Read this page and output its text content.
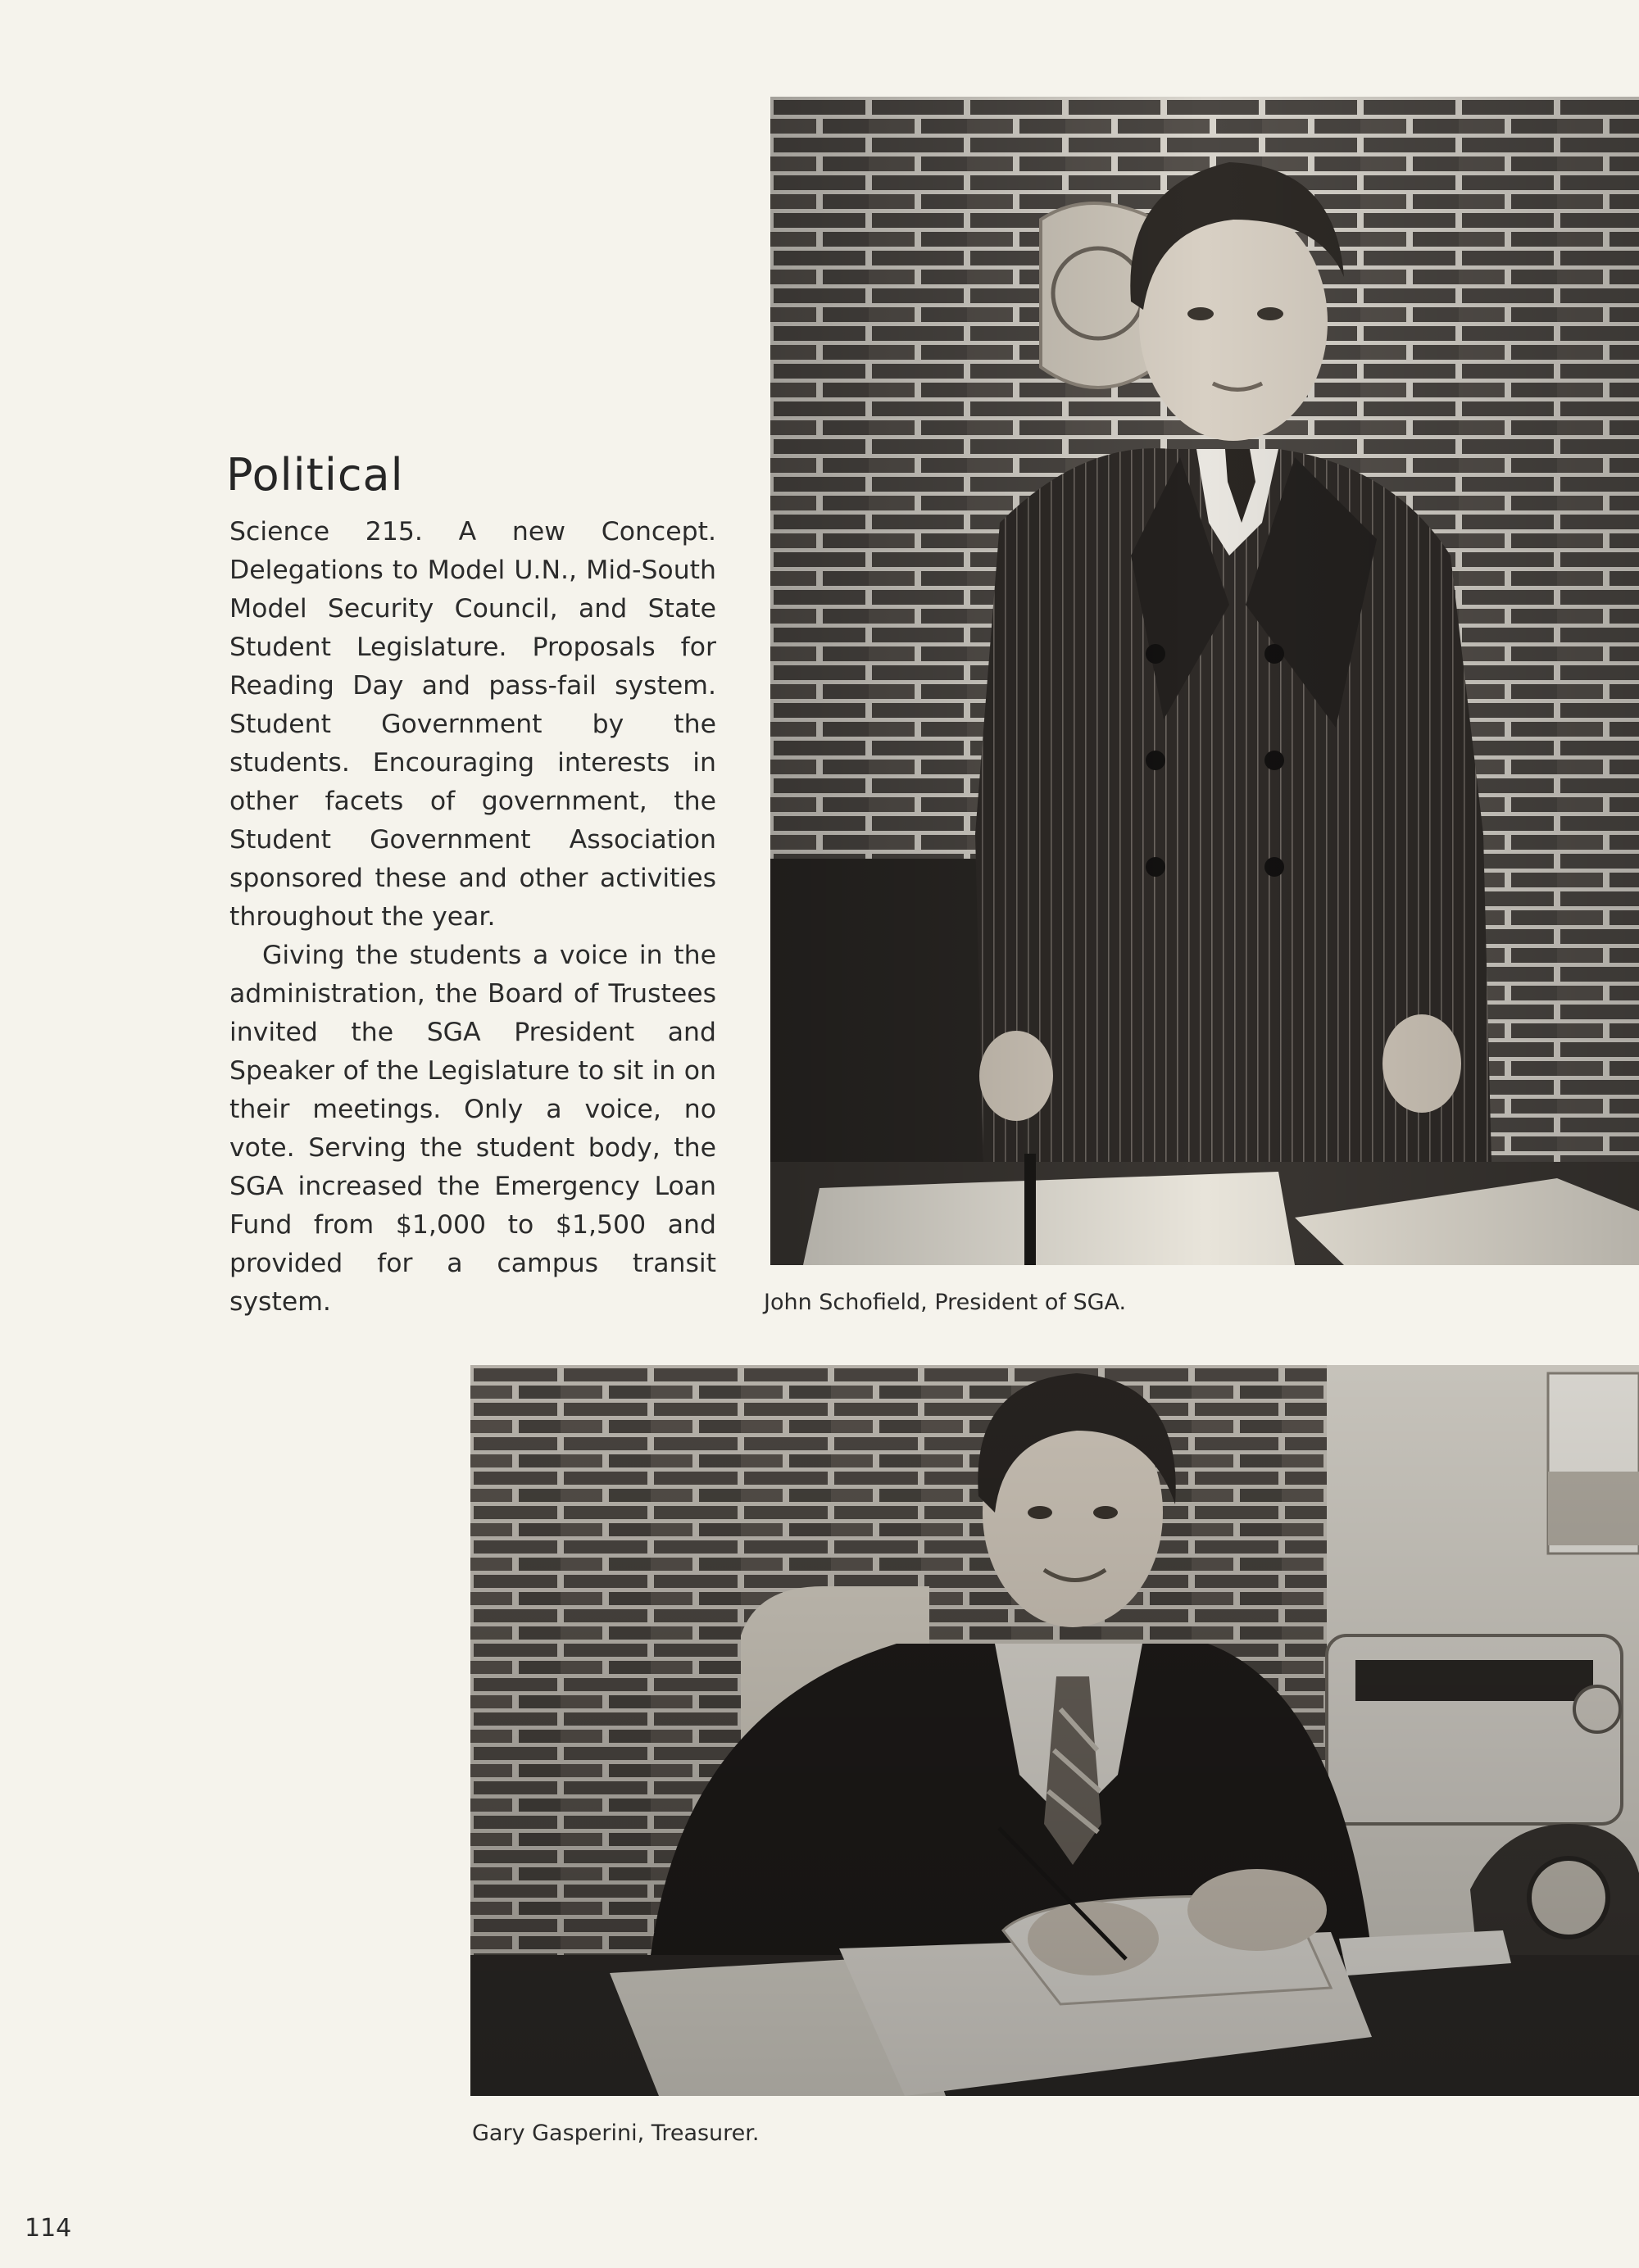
Political

Science 215. A new Concept. Delegations to Model U.N., Mid-South Model Security Council, and State Student Legislature. Proposals for Reading Day and pass-fail system. Student Government by the students. Encouraging interests in other facets of government, the Student Government Association sponsored these and other activities throughout the year.

Giving the students a voice in the administration, the Board of Trustees invited the SGA President and Speaker of the Legislature to sit in on their meetings. Only a voice, no vote. Serving the student body, the SGA increased the Emergency Loan Fund from $1,000 to $1,500 and provided for a campus transit system.	John Schofield, President of SGA.
Gary Gasperini, Treasurer.
114
